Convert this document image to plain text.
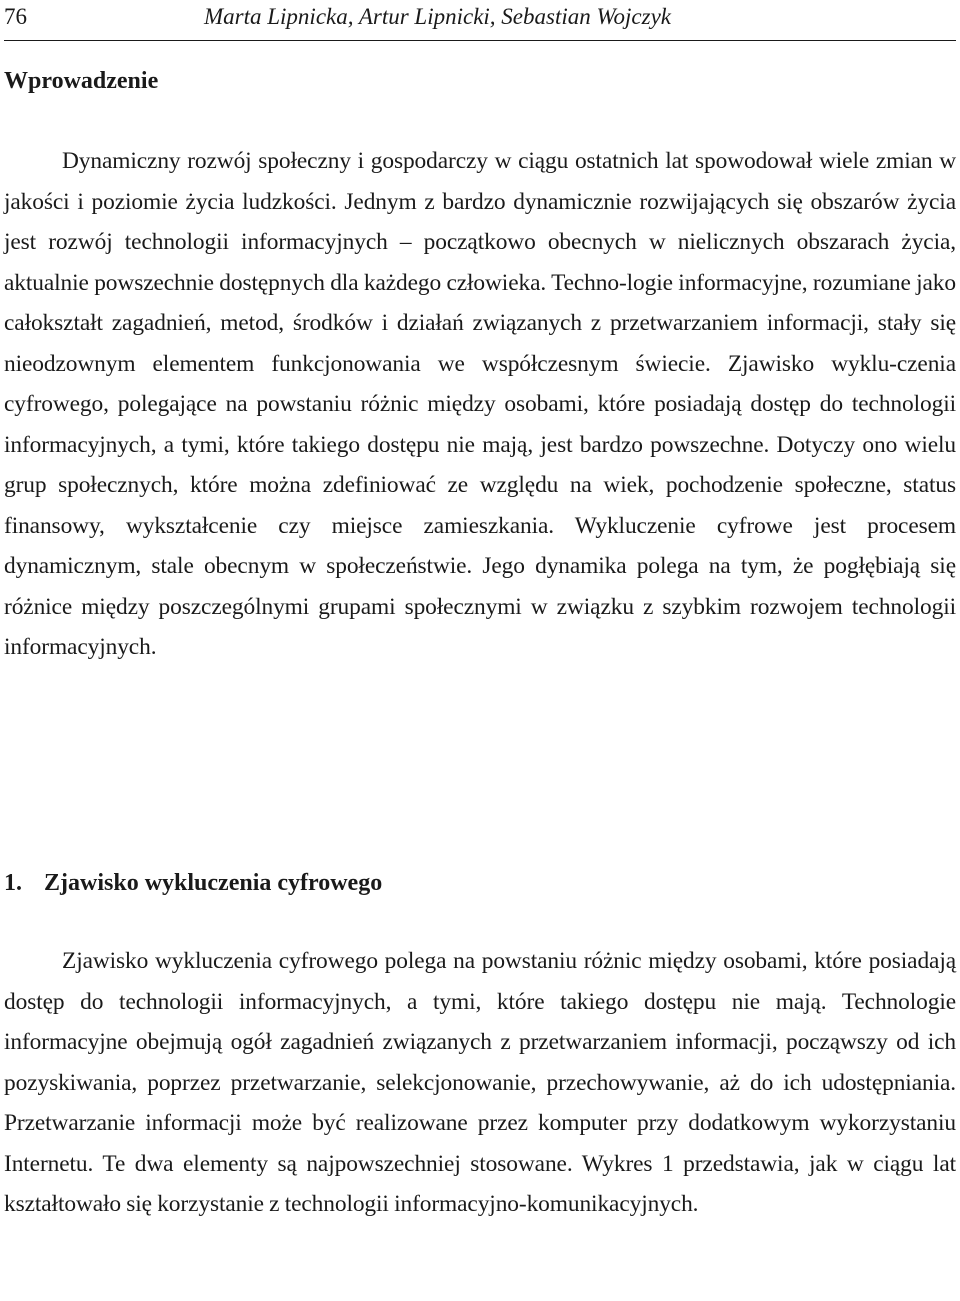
76	Marta Lipnicka, Artur Lipnicki, Sebastian Wojczyk
Wprowadzenie

Dynamiczny rozwój społeczny i gospodarczy w ciągu ostatnich lat spowodował wiele zmian w jakości i poziomie życia ludzkości. Jednym z bardzo dynamicznie rozwijających się obszarów życia jest rozwój technologii informacyjnych – początkowo obecnych w nielicznych obszarach życia, aktualnie powszechnie dostępnych dla każdego człowieka. Techno-logie informacyjne, rozumiane jako całokształt zagadnień, metod, środków i działań związanych z przetwarzaniem informacji, stały się nieodzownym elementem funkcjonowania we współczesnym świecie. Zjawisko wyklu-czenia cyfrowego, polegające na powstaniu różnic między osobami, które posiadają dostęp do technologii informacyjnych, a tymi, które takiego dostępu nie mają, jest bardzo powszechne. Dotyczy ono wielu grup społecznych, które można zdefiniować ze względu na wiek, pochodzenie społeczne, status finansowy, wykształcenie czy miejsce zamieszkania. Wykluczenie cyfrowe jest procesem dynamicznym, stale obecnym w społeczeństwie. Jego dynamika polega na tym, że pogłębiają się różnice między poszczególnymi grupami społecznymi w związku z szybkim rozwojem technologii informacyjnych.

1. Zjawisko wykluczenia cyfrowego

Zjawisko wykluczenia cyfrowego polega na powstaniu różnic między osobami, które posiadają dostęp do technologii informacyjnych, a tymi, które takiego dostępu nie mają. Technologie informacyjne obejmują ogół zagadnień związanych z przetwarzaniem informacji, począwszy od ich pozyskiwania, poprzez przetwarzanie, selekcjonowanie, przechowywanie, aż do ich udostępniania. Przetwarzanie informacji może być realizowane przez komputer przy dodatkowym wykorzystaniu Internetu. Te dwa elementy są najpowszechniej stosowane. Wykres 1 przedstawia, jak w ciągu lat kształtowało się korzystanie z technologii informacyjno-komunikacyjnych.
